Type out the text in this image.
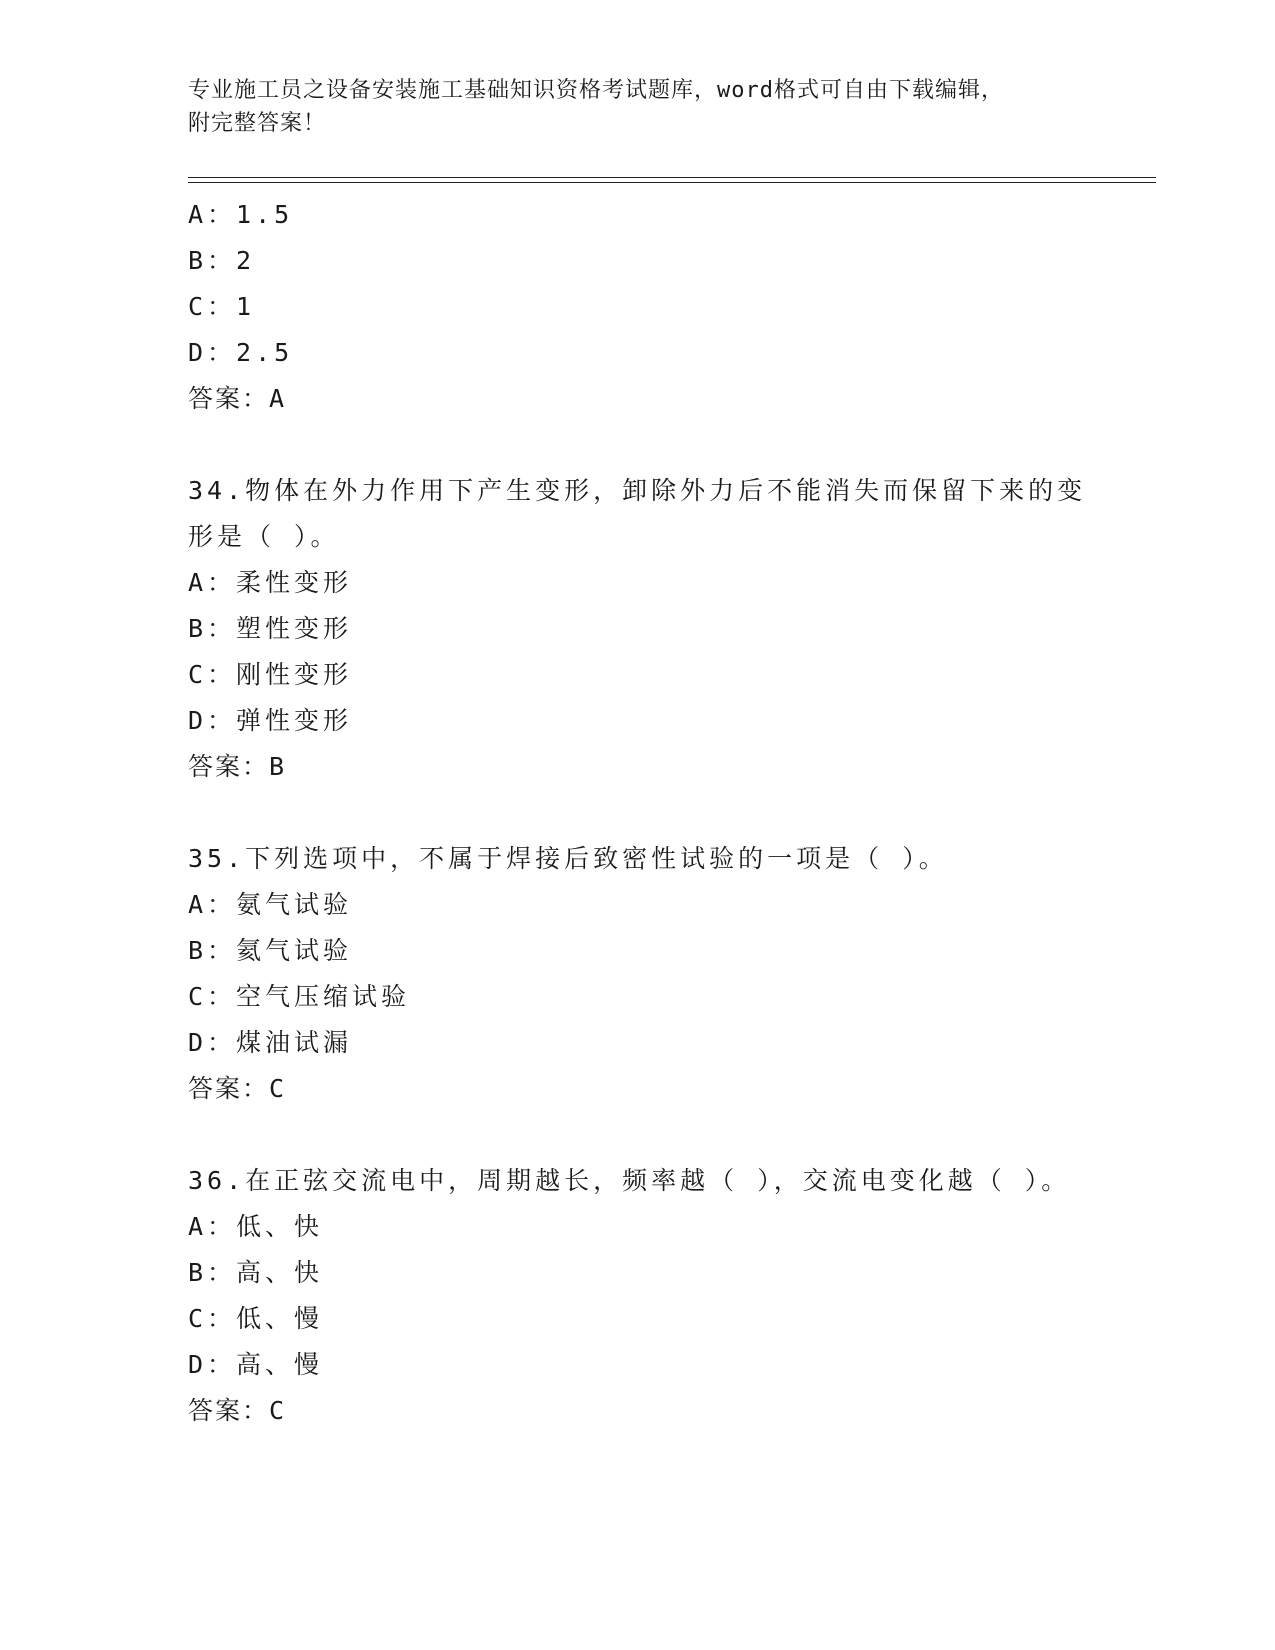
专业施工员之设备安装施工基础知识资格考试题库，word格式可自由下载编辑，
附完整答案！
A：1.5
B：2
C：1
D：2.5
答案：A
34.物体在外力作用下产生变形，卸除外力后不能消失而保留下来的变
形是（ ）。
A：柔性变形
B：塑性变形
C：刚性变形
D：弹性变形
答案：B
35.下列选项中，不属于焊接后致密性试验的一项是（ ）。
A：氨气试验
B：氦气试验
C：空气压缩试验
D：煤油试漏
答案：C
36.在正弦交流电中，周期越长，频率越（ ），交流电变化越（ ）。
A：低、快
B：高、快
C：低、慢
D：高、慢
答案：C
